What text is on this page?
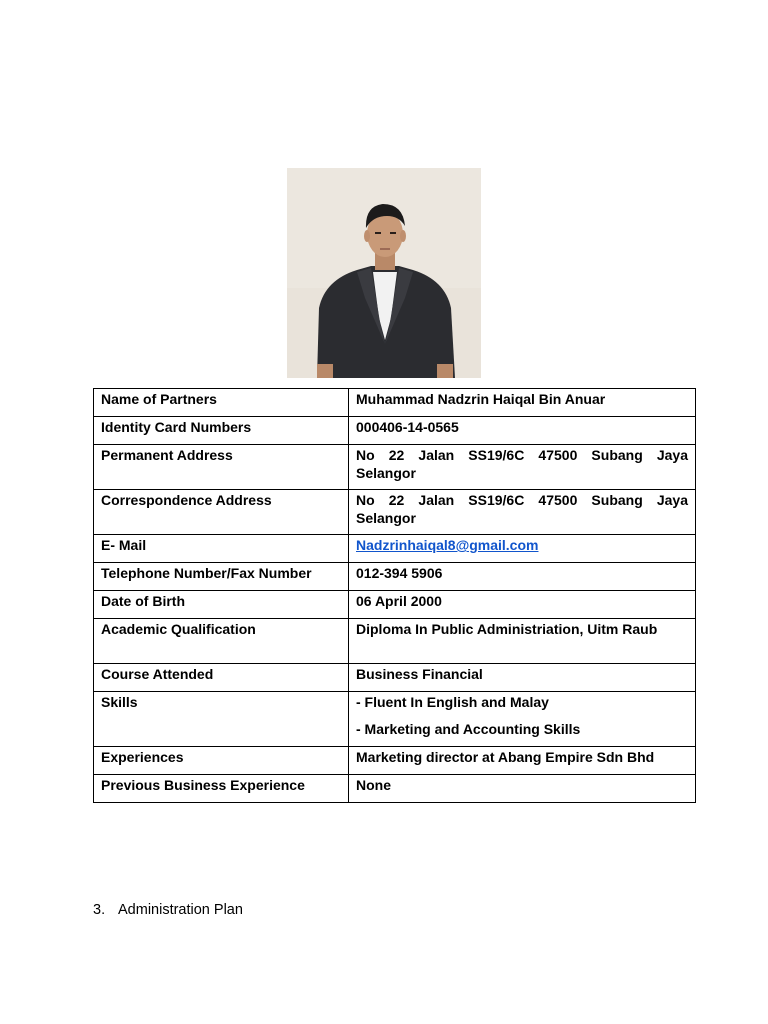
Name of Partners	Muhammad Nadzrin Haiqal Bin Anuar

Identity Card Numbers	000406-14-0565

Permanent Address	No 22 Jalan SS19/6C 47500 Subang Jaya Selangor

Correspondence Address	No 22 Jalan SS19/6C 47500 Subang Jaya Selangor

E- Mail	Nadzrinhaiqal8@gmail.com

Telephone Number/Fax Number	012-394 5906

Date of Birth	06 April 2000

Academic Qualification	Diploma In Public Administriation, Uitm Raub

Course Attended	Business Financial

Skills	- Fluent In English and Malay
- Marketing and Accounting Skills

Experiences	Marketing director at Abang Empire Sdn Bhd

Previous Business Experience	None
3. Administration Plan
